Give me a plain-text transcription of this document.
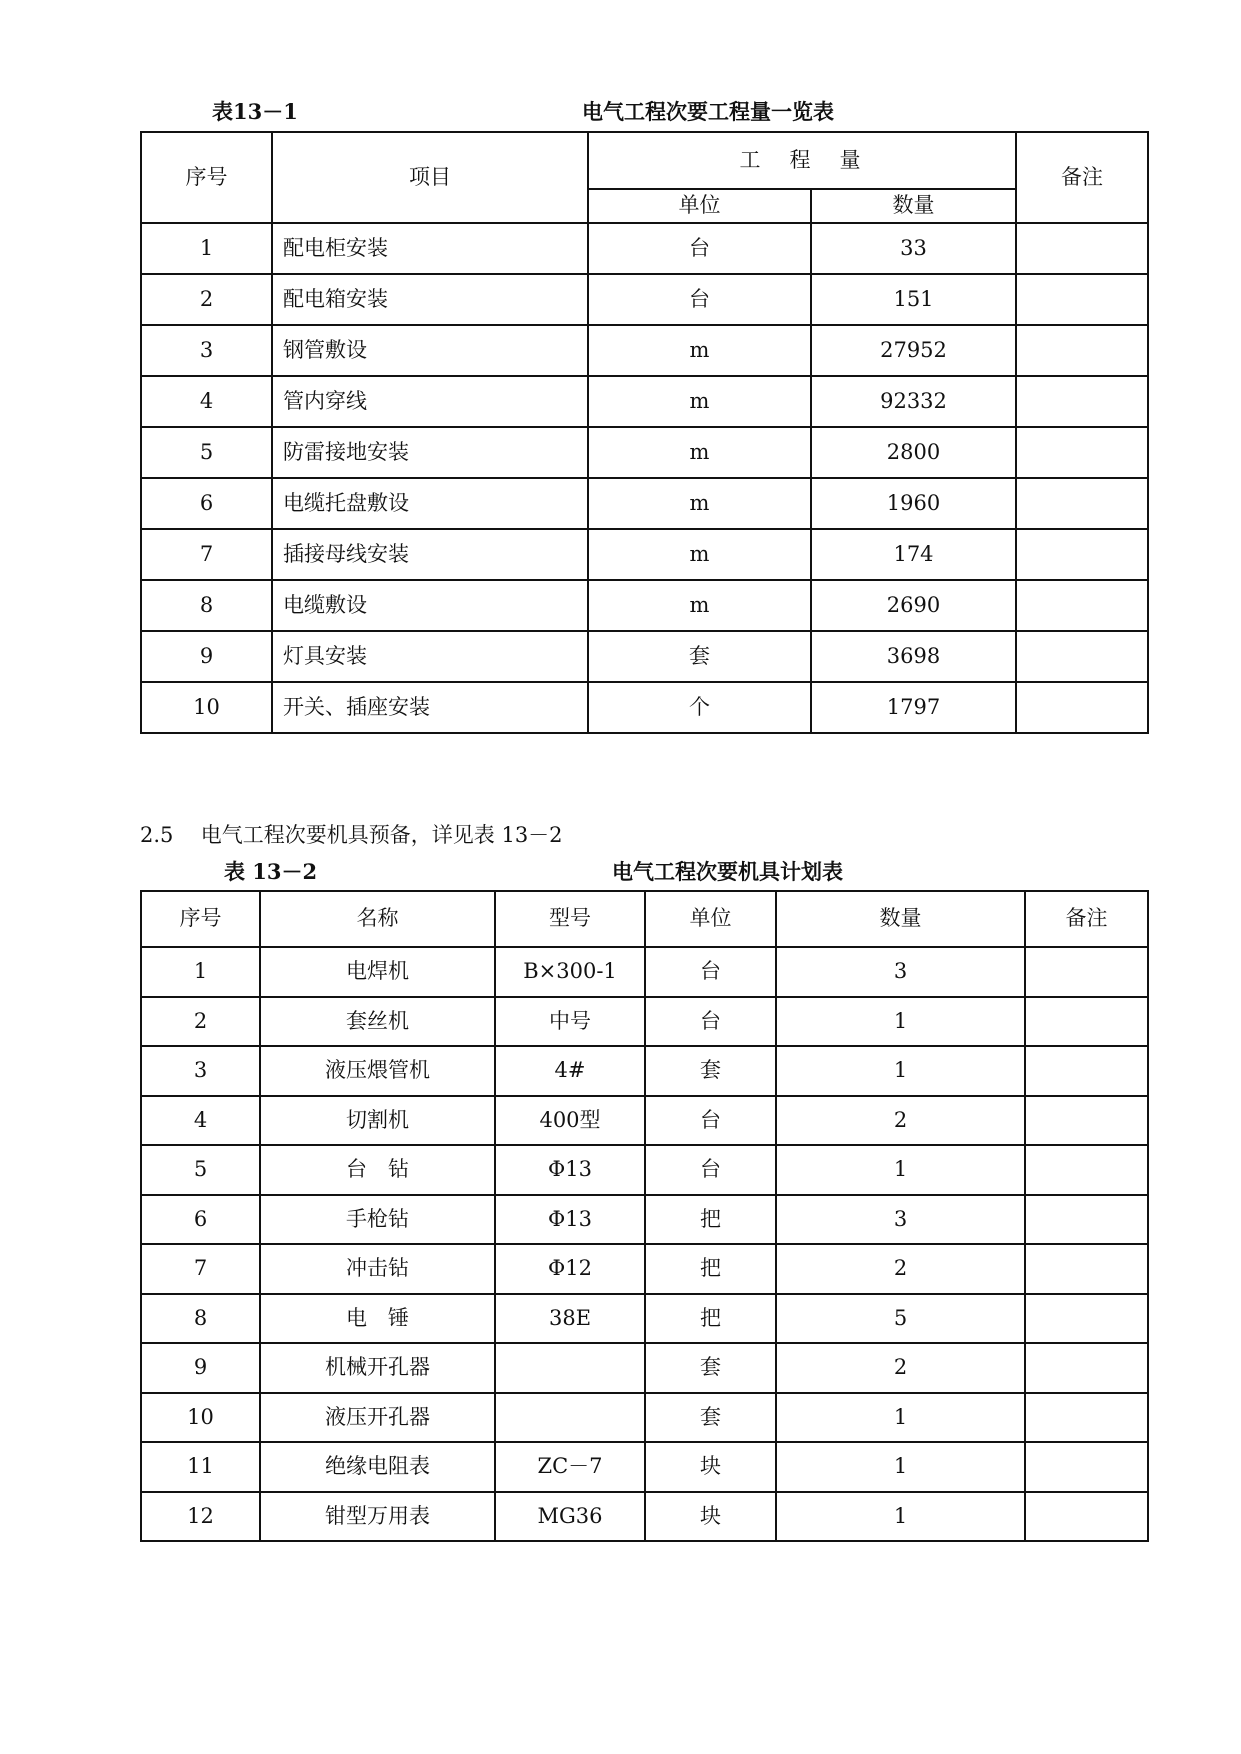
表13－1	电气工程次要工程量一览表
序号	项目	工　程　量		备注
		单位	数量	
1	配电柜安装	台	33	
2	配电箱安装	台	151	
3	钢管敷设	m	27952	
4	管内穿线	m	92332	
5	防雷接地安装	m	2800	
6	电缆托盘敷设	m	1960	
7	插接母线安装	m	174	
8	电缆敷设	m	2690	
9	灯具安装	套	3698	
10	开关、插座安装	个	1797	
2.5 电气工程次要机具预备，详见表 13－2
表 13－2	电气工程次要机具计划表
序号	名称	型号	单位	数量	备注
1	电焊机	B×300-1	台	3	
2	套丝机	中号	台	1	
3	液压煨管机	4#	套	1	
4	切割机	400型	台	2	
5	台　钻	Φ13	台	1	
6	手枪钻	Φ13	把	3	
7	冲击钻	Φ12	把	2	
8	电　锤	38E	把	5	
9	机械开孔器		套	2	
10	液压开孔器		套	1	
11	绝缘电阻表	ZC－7	块	1	
12	钳型万用表	MG36	块	1	
